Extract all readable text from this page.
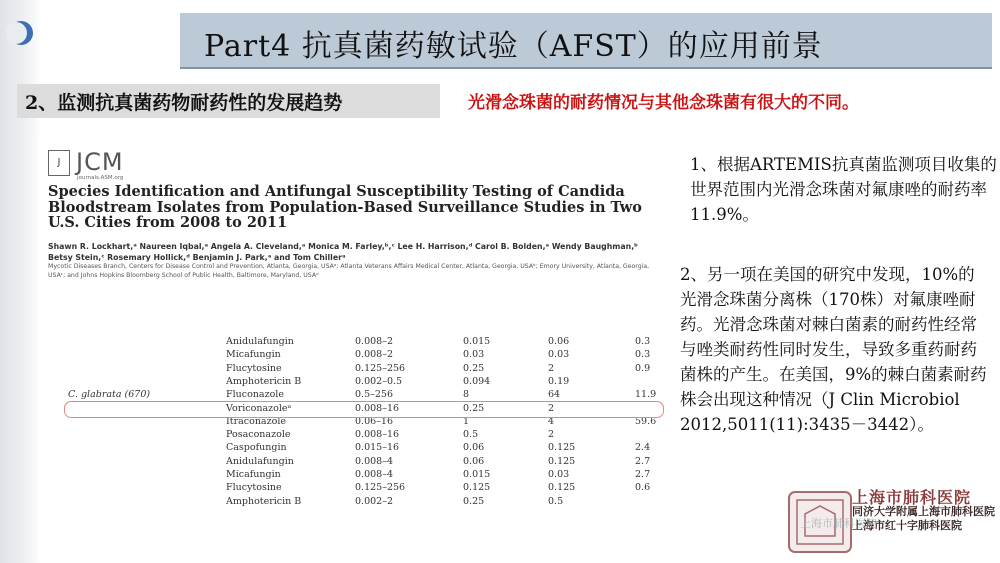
Part4 抗真菌药敏试验（AFST）的应用前景
2、监测抗真菌药物耐药性的发展趋势	光滑念珠菌的耐药情况与其他念珠菌有很大的不同。
J JCM
Journals.ASM.org
Species Identification and Antifungal Susceptibility Testing of Candida Bloodstream Isolates from Population-Based Surveillance Studies in Two U.S. Cities from 2008 to 2011
Shawn R. Lockhart,ᵃ Naureen Iqbal,ᵃ Angela A. Cleveland,ᵃ Monica M. Farley,ᵇ,ᶜ Lee H. Harrison,ᵈ Carol B. Bolden,ᵃ Wendy Baughman,ᵇ Betsy Stein,ᶜ Rosemary Hollick,ᵈ Benjamin J. Park,ᵃ and Tom Chillerᵃ
Mycotic Diseases Branch, Centers for Disease Control and Prevention, Atlanta, Georgia, USAᵃ; Atlanta Veterans Affairs Medical Center, Atlanta, Georgia, USAᵇ; Emory University, Atlanta, Georgia, USAᶜ; and Johns Hopkins Bloomberg School of Public Health, Baltimore, Maryland, USAᵈ
Anidulafungin	0.008–2	0.015	0.06	0.3
Micafungin	0.008–2	0.03	0.03	0.3
Flucytosine	0.125–256	0.25	2	0.9
Amphotericin B	0.002–0.5	0.094	0.19
C. glabrata (670)	Fluconazole	0.5–256	8	64	11.9
Voriconazoleᵃ	0.008–16	0.25	2
Itraconazole	0.06–16	1	4	59.6
Posaconazole	0.008–16	0.5	2
Caspofungin	0.015–16	0.06	0.125	2.4
Anidulafungin	0.008–4	0.06	0.125	2.7
Micafungin	0.008–4	0.015	0.03	2.7
Flucytosine	0.125–256	0.125	0.125	0.6
Amphotericin B	0.002–2	0.25	0.5
1、根据ARTEMIS抗真菌监测项目收集的世界范围内光滑念珠菌对氟康唑的耐药率11.9%。
2、另一项在美国的研究中发现，10%的光滑念珠菌分离株（170株）对氟康唑耐药。光滑念珠菌对棘白菌素的耐药性经常与唑类耐药性同时发生，导致多重药耐药菌株的产生。在美国，9%的棘白菌素耐药株会出现这种情况（J Clin Microbiol 2012,5011(11):3435－3442）。
上海市肺科医院
同济大学附属上海市肺科医院
上海市红十字肺科医院
上海市肺科医院
